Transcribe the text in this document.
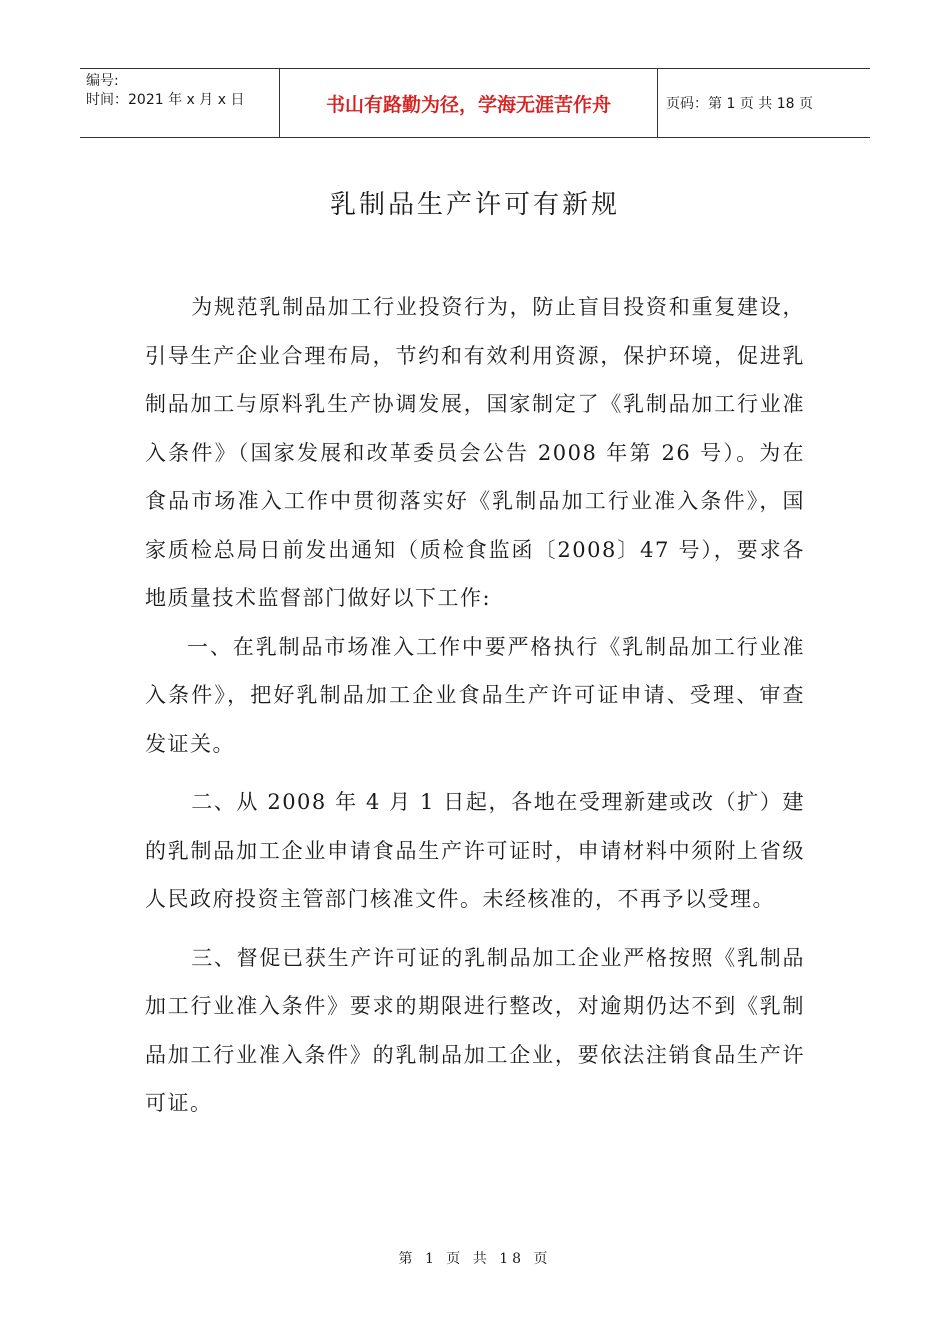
编号:
时间：2021 年 x 月 x 日	书山有路勤为径，学海无涯苦作舟	页码：第 1 页 共 18 页
乳制品生产许可有新规

为规范乳制品加工行业投资行为，防止盲目投资和重复建设，引导生产企业合理布局，节约和有效利用资源，保护环境，促进乳制品加工与原料乳生产协调发展，国家制定了《乳制品加工行业准入条件》（国家发展和改革委员会公告 2008 年第 26 号）。为在食品市场准入工作中贯彻落实好《乳制品加工行业准入条件》，国家质检总局日前发出通知（质检食监函〔2008〕47 号），要求各地质量技术监督部门做好以下工作:

一、在乳制品市场准入工作中要严格执行《乳制品加工行业准入条件》，把好乳制品加工企业食品生产许可证申请、受理、审查发证关。

二、从 2008 年 4 月 1 日起，各地在受理新建或改（扩）建的乳制品加工企业申请食品生产许可证时，申请材料中须附上省级人民政府投资主管部门核准文件。未经核准的，不再予以受理。

三、督促已获生产许可证的乳制品加工企业严格按照《乳制品加工行业准入条件》要求的期限进行整改，对逾期仍达不到《乳制品加工行业准入条件》的乳制品加工企业，要依法注销食品生产许可证。

第 1 页 共 18 页
